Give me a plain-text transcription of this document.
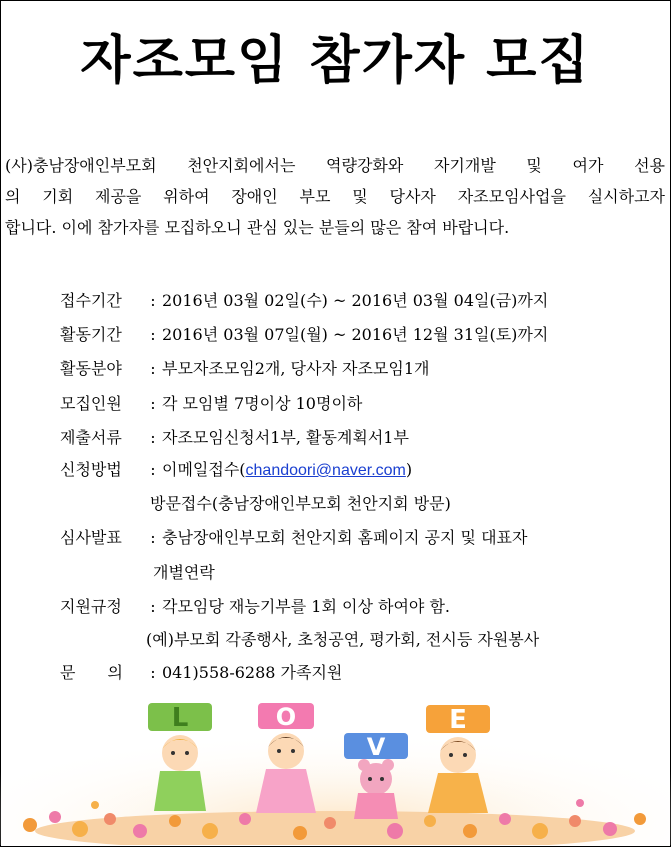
자조모임 참가자 모집

(사)충남장애인부모회 천안지회에서는 역량강화와 자기개발 및 여가 선용

의 기회 제공을 위하여 장애인 부모 및 당사자 자조모임사업을 실시하고자

합니다. 이에 참가자를 모집하오니 관심 있는 분들의 많은 참여 바랍니다.

접수기간 : 2016년 03월 02일(수) ~ 2016년 03월 04일(금)까지
활동기간 : 2016년 03월 07일(월) ~ 2016년 12월 31일(토)까지
활동분야 : 부모자조모임2개, 당사자 자조모임1개
모집인원 : 각 모임별 7명이상 10명이하
제출서류 : 자조모임신청서1부, 활동계획서1부
신청방법 : 이메일접수(chandoori@naver.com)
방문접수(충남장애인부모회 천안지회 방문)
심사발표 : 충남장애인부모회 천안지회 홈페이지 공지 및 대표자
개별연락
지원규정 : 각모임당 재능기부를 1회 이상 하여야 함.
(예)부모회 각종행사, 초청공연, 평가회, 전시등 자원봉사
문　　의 : 041)558-6288 가족지원
L	O
V
E
